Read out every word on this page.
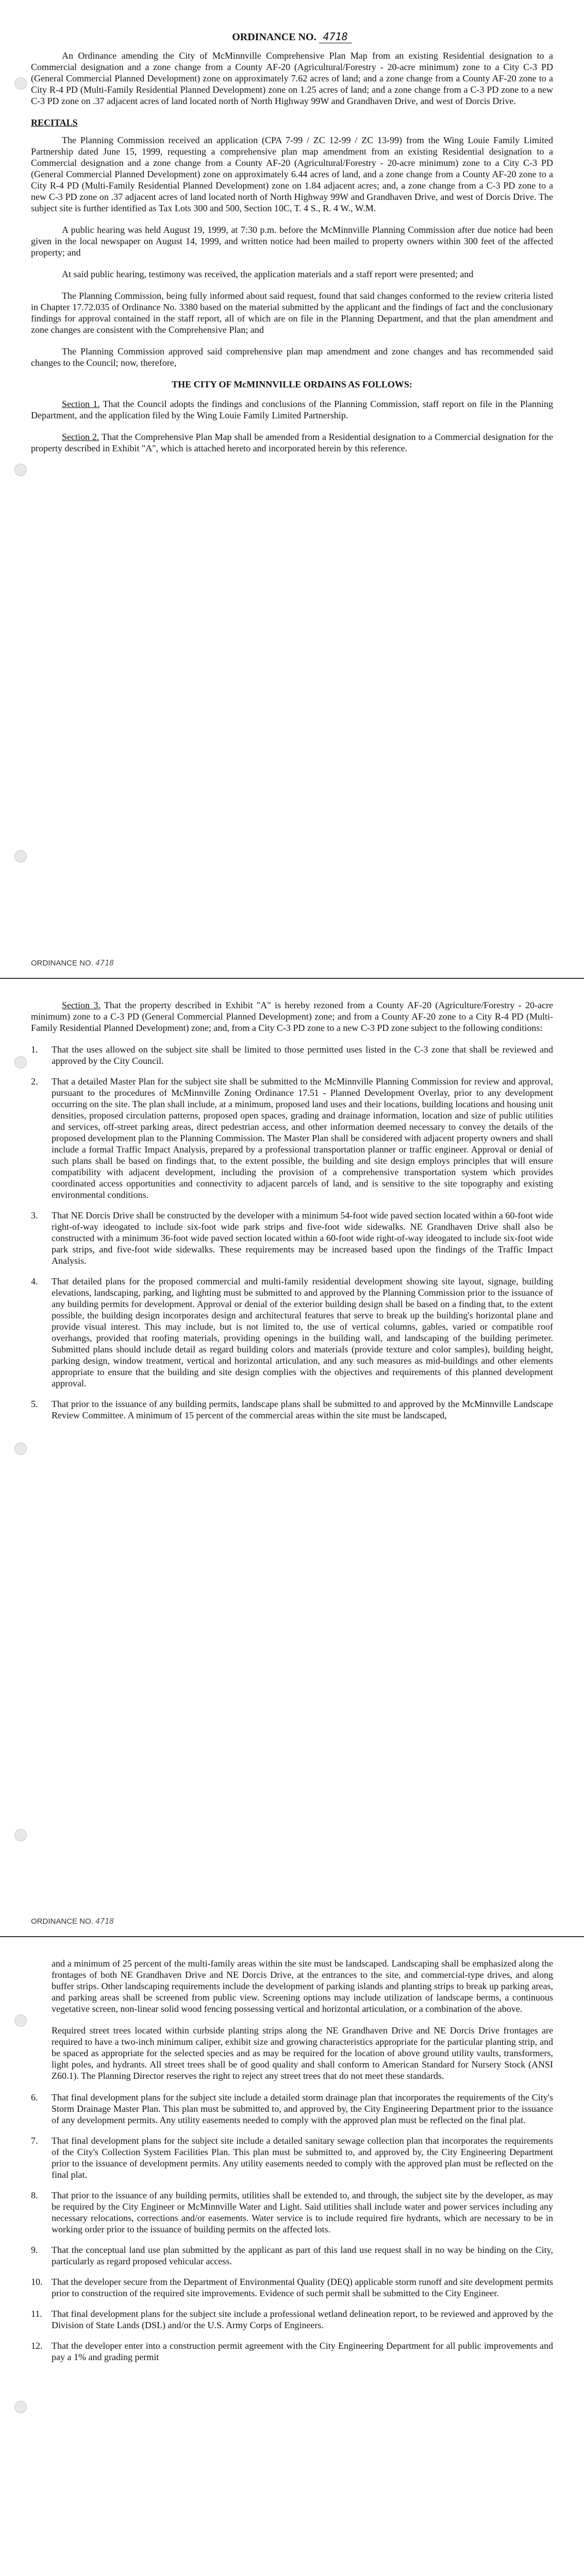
ORDINANCE NO. 4718

An Ordinance amending the City of McMinnville Comprehensive Plan Map from an existing Residential designation to a Commercial designation and a zone change from a County AF-20 (Agricultural/Forestry - 20-acre minimum) zone to a City C-3 PD (General Commercial Planned Development) zone on approximately 7.62 acres of land; and a zone change from a County AF-20 zone to a City R-4 PD (Multi-Family Residential Planned Development) zone on 1.25 acres of land; and a zone change from a C-3 PD zone to a new C-3 PD zone on .37 adjacent acres of land located north of North Highway 99W and Grandhaven Drive, and west of Dorcis Drive.

RECITALS

The Planning Commission received an application (CPA 7-99 / ZC 12-99 / ZC 13-99) from the Wing Louie Family Limited Partnership dated June 15, 1999, requesting a comprehensive plan map amendment from an existing Residential designation to a Commercial designation and a zone change from a County AF-20 (Agricultural/Forestry - 20-acre minimum) zone to a City C-3 PD (General Commercial Planned Development) zone on approximately 6.44 acres of land, and a zone change from a County AF-20 zone to a City R-4 PD (Multi-Family Residential Planned Development) zone on 1.84 adjacent acres; and, a zone change from a C-3 PD zone to a new C-3 PD zone on .37 adjacent acres of land located north of North Highway 99W and Grandhaven Drive, and west of Dorcis Drive. The subject site is further identified as Tax Lots 300 and 500, Section 10C, T. 4 S., R. 4 W., W.M.

A public hearing was held August 19, 1999, at 7:30 p.m. before the McMinnville Planning Commission after due notice had been given in the local newspaper on August 14, 1999, and written notice had been mailed to property owners within 300 feet of the affected property; and

At said public hearing, testimony was received, the application materials and a staff report were presented; and

The Planning Commission, being fully informed about said request, found that said changes conformed to the review criteria listed in Chapter 17.72.035 of Ordinance No. 3380 based on the material submitted by the applicant and the findings of fact and the conclusionary findings for approval contained in the staff report, all of which are on file in the Planning Department, and that the plan amendment and zone changes are consistent with the Comprehensive Plan; and

The Planning Commission approved said comprehensive plan map amendment and zone changes and has recommended said changes to the Council; now, therefore,

THE CITY OF McMINNVILLE ORDAINS AS FOLLOWS:

Section 1. That the Council adopts the findings and conclusions of the Planning Commission, staff report on file in the Planning Department, and the application filed by the Wing Louie Family Limited Partnership.

Section 2. That the Comprehensive Plan Map shall be amended from a Residential designation to a Commercial designation for the property described in Exhibit "A", which is attached hereto and incorporated herein by this reference.

ORDINANCE NO. 4718

Section 3. That the property described in Exhibit "A" is hereby rezoned from a County AF-20 (Agriculture/Forestry - 20-acre minimum) zone to a C-3 PD (General Commercial Planned Development) zone; and from a County AF-20 zone to a City R-4 PD (Multi-Family Residential Planned Development) zone; and, from a City C-3 PD zone to a new C-3 PD zone subject to the following conditions:

1.	That the uses allowed on the subject site shall be limited to those permitted uses listed in the C-3 zone that shall be reviewed and approved by the City Council.
2.	That a detailed Master Plan for the subject site shall be submitted to the McMinnville Planning Commission for review and approval, pursuant to the procedures of McMinnville Zoning Ordinance 17.51 - Planned Development Overlay, prior to any development occurring on the site. The plan shall include, at a minimum, proposed land uses and their locations, building locations and housing unit densities, proposed circulation patterns, proposed open spaces, grading and drainage information, location and size of public utilities and services, off-street parking areas, direct pedestrian access, and other information deemed necessary to convey the details of the proposed development plan to the Planning Commission. The Master Plan shall be considered with adjacent property owners and shall include a formal Traffic Impact Analysis, prepared by a professional transportation planner or traffic engineer. Approval or denial of such plans shall be based on findings that, to the extent possible, the building and site design employs principles that will ensure compatibility with adjacent development, including the provision of a comprehensive transportation system which provides coordinated access opportunities and connectivity to adjacent parcels of land, and is sensitive to the site topography and existing environmental conditions.
3.	That NE Dorcis Drive shall be constructed by the developer with a minimum 54-foot wide paved section located within a 60-foot wide right-of-way ideogated to include six-foot wide park strips and five-foot wide sidewalks. NE Grandhaven Drive shall also be constructed with a minimum 36-foot wide paved section located within a 60-foot wide right-of-way ideogated to include six-foot wide park strips, and five-foot wide sidewalks. These requirements may be increased based upon the findings of the Traffic Impact Analysis.
4.	That detailed plans for the proposed commercial and multi-family residential development showing site layout, signage, building elevations, landscaping, parking, and lighting must be submitted to and approved by the Planning Commission prior to the issuance of any building permits for development. Approval or denial of the exterior building design shall be based on a finding that, to the extent possible, the building design incorporates design and architectural features that serve to break up the building's horizontal plane and provide visual interest. This may include, but is not limited to, the use of vertical columns, gables, varied or compatible roof overhangs, provided that roofing materials, providing openings in the building wall, and landscaping of the building perimeter. Submitted plans should include detail as regard building colors and materials (provide texture and color samples), building height, parking design, window treatment, vertical and horizontal articulation, and any such measures as mid-buildings and other elements appropriate to ensure that the building and site design complies with the objectives and requirements of this planned development approval.
5.	That prior to the issuance of any building permits, landscape plans shall be submitted to and approved by the McMinnville Landscape Review Committee. A minimum of 15 percent of the commercial areas within the site must be landscaped,
ORDINANCE NO. 4718

and a minimum of 25 percent of the multi-family areas within the site must be landscaped. Landscaping shall be emphasized along the frontages of both NE Grandhaven Drive and NE Dorcis Drive, at the entrances to the site, and commercial-type drives, and along buffer strips. Other landscaping requirements include the development of parking islands and planting strips to break up parking areas, and parking areas shall be screened from public view. Screening options may include utilization of landscape berms, a continuous vegetative screen, non-linear solid wood fencing possessing vertical and horizontal articulation, or a combination of the above.

Required street trees located within curbside planting strips along the NE Grandhaven Drive and NE Dorcis Drive frontages are required to have a two-inch minimum caliper, exhibit size and growing characteristics appropriate for the particular planting strip, and be spaced as appropriate for the selected species and as may be required for the location of above ground utility vaults, transformers, light poles, and hydrants. All street trees shall be of good quality and shall conform to American Standard for Nursery Stock (ANSI Z60.1). The Planning Director reserves the right to reject any street trees that do not meet these standards.

6.	That final development plans for the subject site include a detailed storm drainage plan that incorporates the requirements of the City's Storm Drainage Master Plan. This plan must be submitted to, and approved by, the City Engineering Department prior to the issuance of any development permits. Any utility easements needed to comply with the approved plan must be reflected on the final plat.
7.	That final development plans for the subject site include a detailed sanitary sewage collection plan that incorporates the requirements of the City's Collection System Facilities Plan. This plan must be submitted to, and approved by, the City Engineering Department prior to the issuance of development permits. Any utility easements needed to comply with the approved plan must be reflected on the final plat.
8.	That prior to the issuance of any building permits, utilities shall be extended to, and through, the subject site by the developer, as may be required by the City Engineer or McMinnville Water and Light. Said utilities shall include water and power services including any necessary relocations, corrections and/or easements. Water service is to include required fire hydrants, which are necessary to be in working order prior to the issuance of building permits on the affected lots.
9.	That the conceptual land use plan submitted by the applicant as part of this land use request shall in no way be binding on the City, particularly as regard proposed vehicular access.
10. That the developer secure from the Department of Environmental Quality (DEQ) applicable storm runoff and site development permits prior to construction of the required site improvements. Evidence of such permit shall be submitted to the City Engineer.
11.	That final development plans for the subject site include a professional wetland delineation report, to be reviewed and approved by the Division of State Lands (DSL) and/or the U.S. Army Corps of Engineers.
12. That the developer enter into a construction permit agreement with the City Engineering Department for all public improvements and pay a 1% and grading permit
